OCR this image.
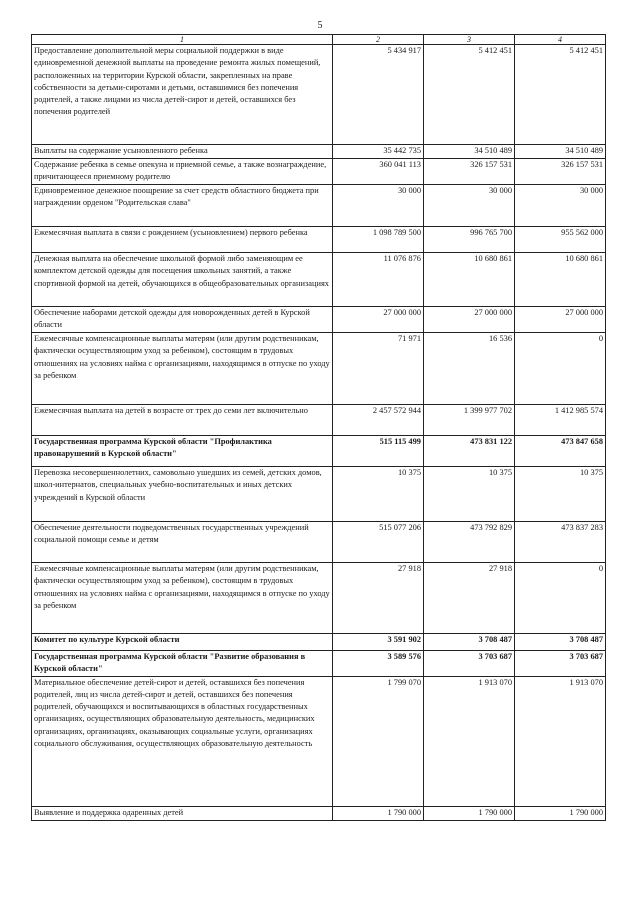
5
1	2	3	4
Предоставление дополнительной меры социальной поддержки в виде единовременной денежной выплаты на проведение ремонта жилых помещений, расположенных на территории Курской области, закрепленных на праве собственности за детьми-сиротами и детьми, оставшимися без попечения родителей, а также лицами из числа детей-сирот и детей, оставшихся без попечения родителей	5 434 917	5 412 451	5 412 451
Выплаты на содержание усыновленного ребенка	35 442 735	34 510 489	34 510 489
Содержание ребенка в семье опекуна и приемной семье, а также вознаграждение, причитающееся приемному родителю	360 041 113	326 157 531	326 157 531
Единовременное денежное поощрение за счет средств областного бюджета при награждении орденом "Родительская слава"	30 000	30 000	30 000
Ежемесячная выплата в связи с рождением (усыновлением) первого ребенка	1 098 789 500	996 765 700	955 562 000
Денежная выплата на обеспечение школьной формой либо заменяющим ее комплектом детской одежды для посещения школьных занятий, а также спортивной формой на детей, обучающихся в общеобразовательных организациях	11 076 876	10 680 861	10 680 861
Обеспечение наборами детской одежды для новорожденных детей в Курской области	27 000 000	27 000 000	27 000 000
Ежемесячные компенсационные выплаты матерям (или другим родственникам, фактически осуществляющим уход за ребенком), состоящим в трудовых отношениях на условиях найма с организациями, находящимся в отпуске по уходу за ребенком	71 971	16 536	0
Ежемесячная выплата на детей в возрасте от трех до семи лет включительно	2 457 572 944	1 399 977 702	1 412 985 574
Государственная программа Курской области "Профилактика правонарушений в Курской области"	515 115 499	473 831 122	473 847 658
Перевозка несовершеннолетних, самовольно ушедших из семей, детских домов, школ-интернатов, специальных учебно-воспитательных и иных детских учреждений в Курской области	10 375	10 375	10 375
Обеспечение деятельности подведомственных государственных учреждений социальной помощи семье и детям	515 077 206	473 792 829	473 837 283
Ежемесячные компенсационные выплаты матерям (или другим родственникам, фактически осуществляющим уход за ребенком), состоящим в трудовых отношениях на условиях найма с организациями, находящимся в отпуске по уходу за ребенком	27 918	27 918	0
Комитет по культуре Курской области	3 591 902	3 708 487	3 708 487
Государственная программа Курской области "Развитие образования в Курской области"	3 589 576	3 703 687	3 703 687
Материальное обеспечение детей-сирот и детей, оставшихся без попечения родителей, лиц из числа детей-сирот и детей, оставшихся без попечения родителей, обучающихся и воспитывающихся в областных государственных организациях, осуществляющих образовательную деятельность, медицинских организациях, организациях, оказывающих социальные услуги, организациях социального обслуживания, осуществляющих образовательную деятельность	1 799 070	1 913 070	1 913 070
Выявление и поддержка одаренных детей	1 790 000	1 790 000	1 790 000
